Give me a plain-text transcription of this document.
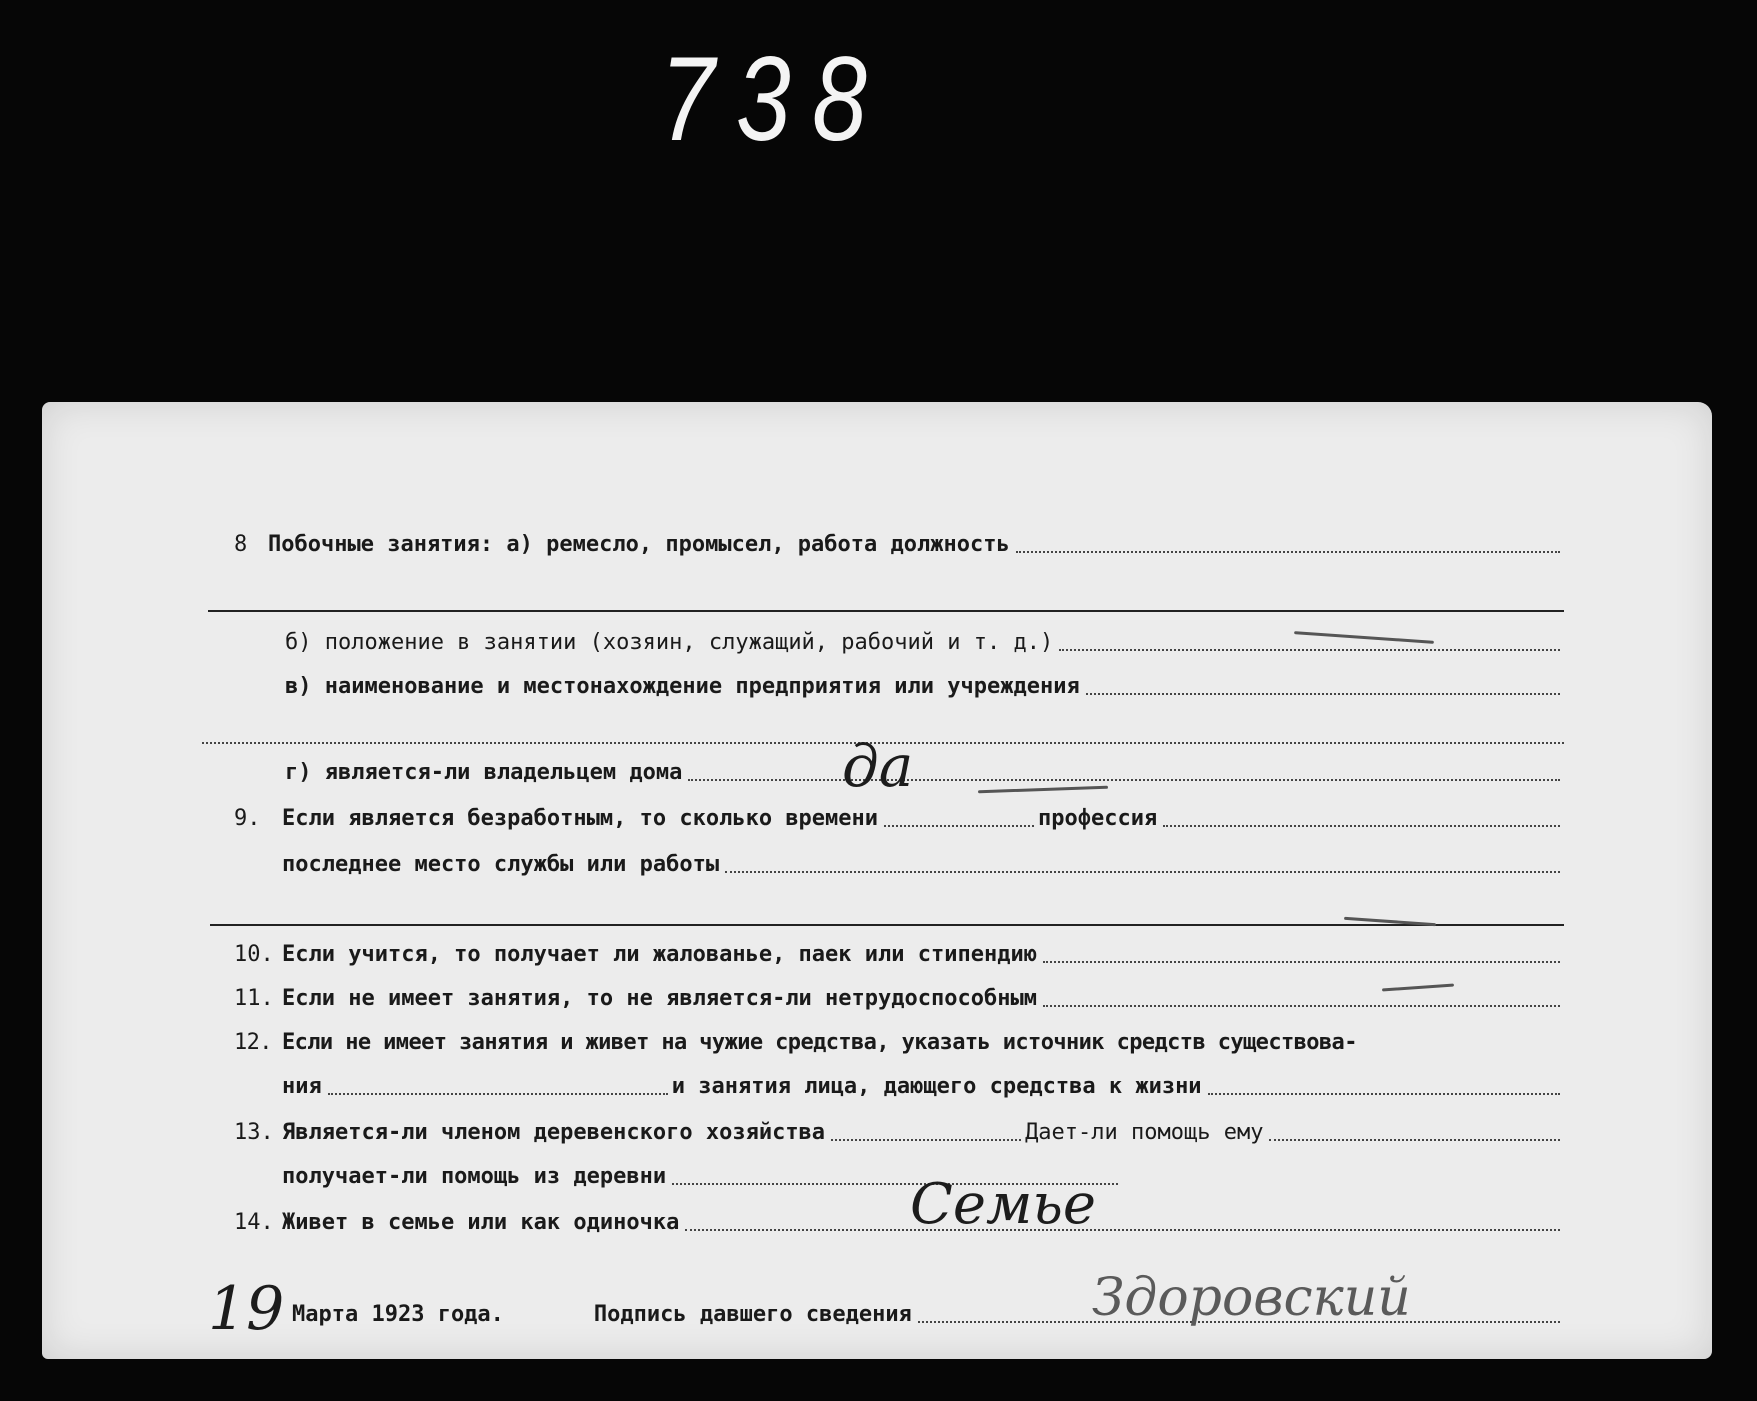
738
8 Побочные занятия: а) ремесло, промысел, работа должность
б) положение в занятии (хозяин, служащий, рабочий и т. д.)
в) наименование и местонахождение предприятия или учреждения
г) является-ли владельцем дома	да
9. Если является безработным, то сколько времени	профессия
последнее место службы или работы
10. Если учится, то получает ли жалованье, паек или стипендию
11. Если не имеет занятия, то не является-ли нетрудоспособным
12. Если не имеет занятия и живет на чужие средства, указать источник средств существова-
ния	и занятия лица, дающего средства к жизни
13. Является-ли членом деревенского хозяйства	Дает-ли помощь ему
получает-ли помощь из деревни
14. Живет в семье или как одиночка	Семье
19 Марта 1923 года.	Подпись давшего сведения	Здоровский
